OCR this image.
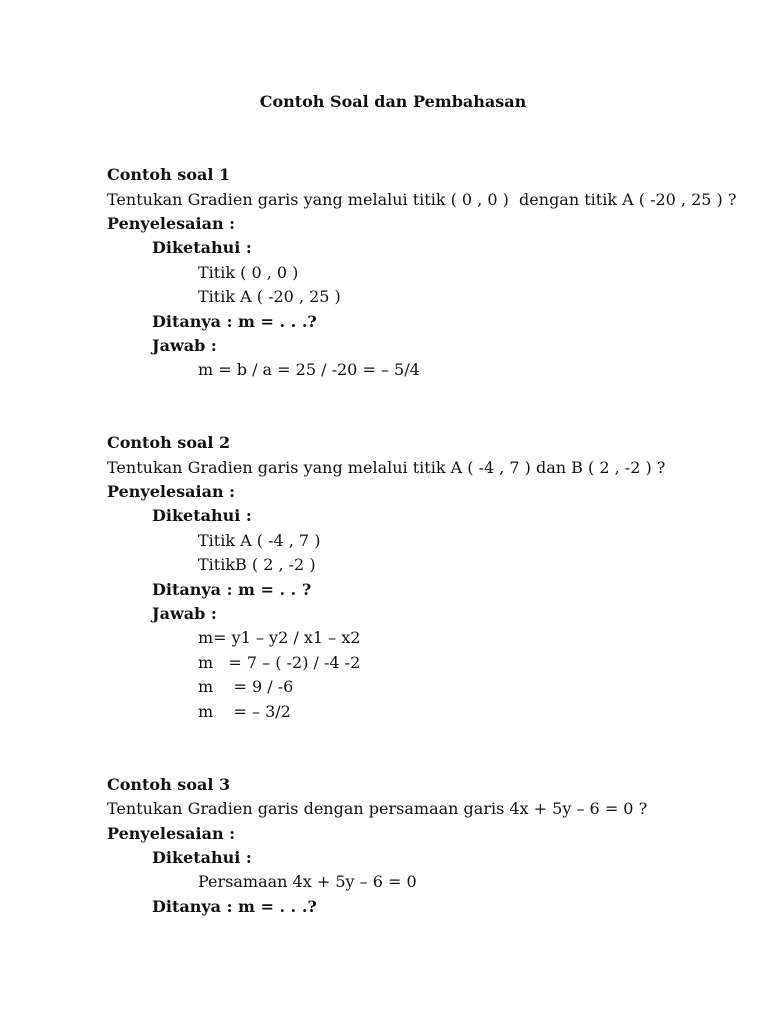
Contoh Soal dan Pembahasan
Contoh soal 1
Tentukan Gradien garis yang melalui titik ( 0 , 0 )  dengan titik A ( -20 , 25 ) ?
Penyelesaian :
Diketahui :
Titik ( 0 , 0 )
Titik A ( -20 , 25 )
Ditanya : m = . . .?
Jawab :
m = b / a = 25 / -20 = – 5/4
Contoh soal 2
Tentukan Gradien garis yang melalui titik A ( -4 , 7 ) dan B ( 2 , -2 ) ?
Penyelesaian :
Diketahui :
Titik A ( -4 , 7 )
TitikB ( 2 , -2 )
Ditanya : m = . . ?
Jawab :
m= y1 – y2 / x1 – x2
m   = 7 – ( -2) / -4 -2
m    = 9 / -6
m    = – 3/2
Contoh soal 3
Tentukan Gradien garis dengan persamaan garis 4x + 5y – 6 = 0 ?
Penyelesaian :
Diketahui :
Persamaan 4x + 5y – 6 = 0
Ditanya : m = . . .?
